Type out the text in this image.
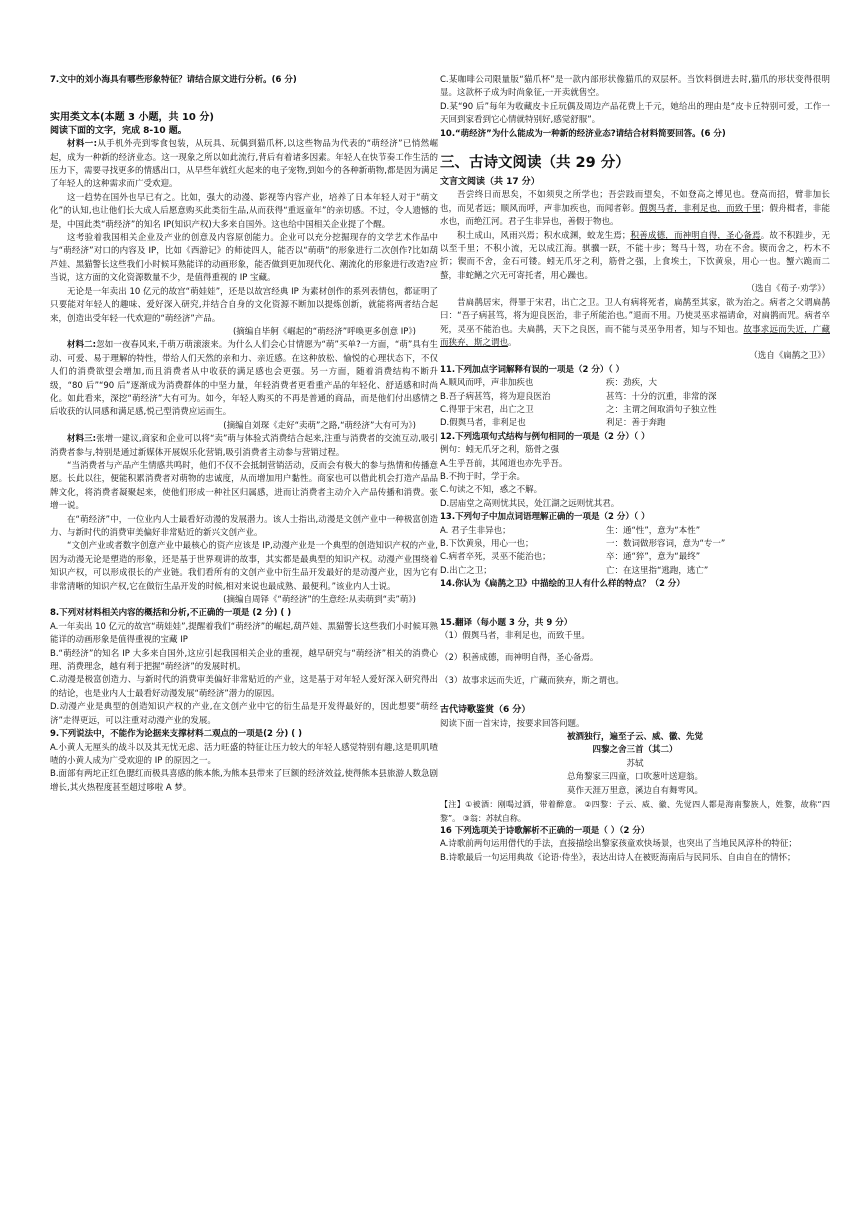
7.文中的刘小海具有哪些形象特征？请结合原文进行分析。(6 分)
实用类文本(本题 3 小题，共 10 分)
阅读下面的文字，完成 8-10 题。
材料一:从手机外壳到零食包装，从玩具、玩偶到猫爪杯,以这些物品为代表的“萌经济”已悄然崛起，成为一种新的经济业态。这一现象之所以如此流行,背后有着诸多因素。年轻人在快节奏工作生活的压力下，需要寻找更多的情感出口，从早些年就红火起来的电子宠物,到如今的各种新萌物,都是因为满足了年轻人的这种需求而广受欢迎。
这一趋势在国外也早已有之。比如，强大的动漫、影视等内容产业，培养了日本年轻人对于“萌文化”的认知,也让他们长大成人后愿意购买此类衍生品,从而获得“重返童年”的亲切感。不过，令人遗憾的是，中国此类“萌经济”的知名 IP(知识产权)大多来自国外。这也给中国相关企业提了个醒。
这考验着我国相关企业及产业的创意及内容原创能力。企业可以充分挖掘现存的文学艺术作品中与“萌经济”对口的内容及 IP，比如《西游记》的师徒四人，能否以“萌萌”的形象进行二次创作?比如葫芦娃、黑猫警长这些我们小时候耳熟能详的动画形象，能否做到更加现代化、潮流化的形象进行改造?应当说，这方面的文化资源数量不少，是值得重视的 IP 宝藏。
无论是一年卖出 10 亿元的故宫“萌娃娃”，还是以故宫经典 IP 为素材创作的系列表情包，都证明了只要能对年轻人的趣味、爱好深入研究,并结合自身的文化资源不断加以提炼创新，就能将两者结合起来，创造出受年轻一代欢迎的“萌经济”产品。
(摘编自毕舸《崛起的“萌经济”呼唤更多创意 IP》)
材料二:忽如一夜春风来,千萌万萌滚滚来。为什么人们会心甘情愿为“萌”买单?一方面，“萌”具有生动、可爱、易于理解的特性，带给人们天然的亲和力、亲近感。在这种放松、愉悦的心理状态下，不仅人们的消费欲望会增加,而且消费者从中收获的满足感也会更强。另一方面，随着消费结构不断升级，“80 后”“90 后”逐渐成为消费群体的中坚力量，年轻消费者更看重产品的年轻化、舒适感和时尚化。如此看来，深挖“萌经济”大有可为。如今，年轻人购买的不再是普通的商品，而是他们付出感情之后收获的认同感和满足感,悦己型消费应运而生。
(摘编自刘琛《走好“卖萌”之路,“萌经济”大有可为》)
材料三:张增一建议,商家和企业可以将“卖”萌与体验式消费结合起来,注重与消费者的交流互动,吸引消费者参与,特别是通过新媒体开展娱乐化营销,吸引消费者主动参与营销过程。
“当消费者与产品产生情感共鸣时，他们不仅不会抵制营销活动，反而会有极大的参与热情和传播意愿。长此以往，便能积累消费者对萌物的忠诚度，从而增加用户黏性。商家也可以借此机会打造产品品牌文化，将消费者凝聚起来，使他们形成一种社区归属感，进而让消费者主动介入产品传播和消费。张增一说。
在“萌经济”中，一位业内人士最看好动漫的发展潜力。该人士指出,动漫是文创产业中一种极富创造力、与新时代的消费审美偏好非常贴近的新兴文创产业。
“文创产业或者数字创意产业中最核心的资产应该是 IP,动漫产业是一个典型的创造知识产权的产业,因为动漫无论是塑造的形象，还是基于世界观讲的故事，其实都是最典型的知识产权。动漫产业围绕着知识产权，可以形成很长的产业链。我们看所有的文创产业中衍生品开发最好的是动漫产业，因为它有非常清晰的知识产权,它在做衍生品开发的时候,相对来说也最成熟、最便利。”该业内人士说。
(摘编自周铎《“萌经济”的生意经:从卖萌到“卖”萌》)
8.下列对材料相关内容的概括和分析,不正确的一项是 (2 分) ( )
A.一年卖出 10 亿元的故宫“萌娃娃”,提醒着我们“萌经济”的崛起,葫芦娃、黑猫警长这些我们小时候耳熟能详的动画形象是值得重视的宝藏 IP
B.“萌经济”的知名 IP 大多来自国外,这应引起我国相关企业的重视，越早研究与“萌经济”相关的消费心理、消费理念，越有利于把握“萌经济”的发展时机。
C.动漫是极富创造力、与新时代的消费审美偏好非常贴近的产业，这是基于对年轻人爱好深入研究得出的结论，也是业内人士最看好动漫发展“萌经济”潜力的原因。
D.动漫产业是典型的创造知识产权的产业,在文创产业中它的衍生品是开发得最好的，因此想要“萌经济”走得更远，可以注重对动漫产业的发展。
9.下列说法中，不能作为论据来支撑材料二观点的一项是(2 分) ( )
A.小黄人无厘头的战斗以及其无忧无虑、活力旺盛的特征让压力较大的年轻人感觉特别有趣,这是叽叽喳喳的小黄人成为广受欢迎的 IP 的原因之一。
B.面部有两坨正红色腮红而极具喜感的熊本熊,为熊本县带来了巨额的经济效益,使得熊本县旅游人数急剧增长,其火热程度甚至超过哆啦 A 梦。
C.某咖啡公司限量版“猫爪杯”是一款内部形状像猫爪的双层杯。当饮料倒进去时,猫爪的形状变得很明显。这款杯子成为时尚象征,一开卖就售空。
D.某“90 后”每年为收藏皮卡丘玩偶及周边产品花费上千元，她给出的理由是“皮卡丘特别可爱，工作一天回到家看到它心情就特别好,感觉舒服”。
10.“萌经济”为什么能成为一种新的经济业态?请结合材料简要回答。(6 分)
三、古诗文阅读（共 29 分）
文言文阅读（共 17 分）
吾尝终日而思矣，不如须臾之所学也；吾尝跂而望矣，不如登高之博见也。登高而招，臂非加长也，而见者远；顺风而呼，声非加疾也，而闻者彰。假舆马者，非利足也，而致千里；假舟楫者，非能水也，而绝江河。君子生非异也，善假于物也。
积土成山，风雨兴焉；积水成渊，蛟龙生焉；积善成德，而神明自得，圣心备焉。故不积跬步，无以至千里；不积小流，无以成江海。骐骥一跃，不能十步；驽马十驾，功在不舍。锲而舍之，朽木不折；锲而不舍，金石可镂。蚓无爪牙之利，筋骨之强，上食埃土，下饮黄泉，用心一也。蟹六跪而二螯，非蛇鳝之穴无可寄托者，用心躁也。
（选自《荀子·劝学》）
昔扁鹊居宋，得罪于宋君，出亡之卫。卫人有病将死者，扁鹊至其家，欲为治之。病者之父谓扁鹊曰：“吾子病甚笃，将为迎良医治，非子所能治也。”退而不用。乃使灵巫求福请命，对扁鹊而咒。病者卒死，灵巫不能治也。夫扁鹊，天下之良医，而不能与灵巫争用者，知与不知也。故事求远而失近，广藏而狭弃，斯之谓也。
（选自《扁鹊之卫》）
11.下列加点字词解释有误的一项是（2 分）（ ）
A.顺风而呼，声非加疾也	疾：劲疾，大
B.吾子病甚笃，将为迎良医治	甚笃：十分的沉重，非常的深
C.得罪于宋君，出亡之卫	之：主谓之间取消句子独立性
D.假舆马者，非利足也	利足：善于奔跑
12.下列选项句式结构与例句相同的一项是（2 分）（ ）
例句：蚓无爪牙之利，筋骨之强
A.生乎吾前，其闻道也亦先乎吾。
B.不拘于时，学于余。
C.句读之不知，惑之不解。
D.居庙堂之高则忧其民，处江湖之远则忧其君。
13.下列句子中加点词语理解正确的一项是（2 分）（ ）
A. 君子生非异也；	生：通“性”，意为“本性”
B.下饮黄泉，用心一也；	一：数词做形容词，意为“专一”
C.病者卒死，灵巫不能治也；	卒：通“猝”，意为“最终”
D.出亡之卫；	亡：在这里指“逃跑，逃亡”
14.你认为《扁鹊之卫》中描绘的卫人有什么样的特点？（2 分）
15.翻译（每小题 3 分，共 9 分）
（1）假舆马者，非利足也，而致千里。
（2）积善成德，而神明自得，圣心备焉。
（3）故事求远而失近，广藏而狭弃，斯之谓也。
古代诗歌鉴赏（6 分）
阅读下面一首宋诗，按要求回答问题。
被酒独行，遍至子云、威、徽、先觉
四黎之舍三首（其二）
苏轼
总角黎家三四童，口吹葱叶送迎翁。
莫作天涯万里意，溪边自有舞雩风。
【注】①被酒：刚喝过酒，带着醉意。 ②四黎：子云、威、徽、先觉四人都是海南黎族人，姓黎，故称“四黎”。 ③翁：苏轼自称。
16 下列选项关于诗歌解析不正确的一项是（ ）（2 分）
A.诗歌前两句运用借代的手法，直接描绘出黎家孩童欢快场景，也突出了当地民风淳朴的特征；
B.诗歌最后一句运用典故《论语·侍坐》，表达出诗人在被贬海南后与民同乐、自由自在的情怀；
